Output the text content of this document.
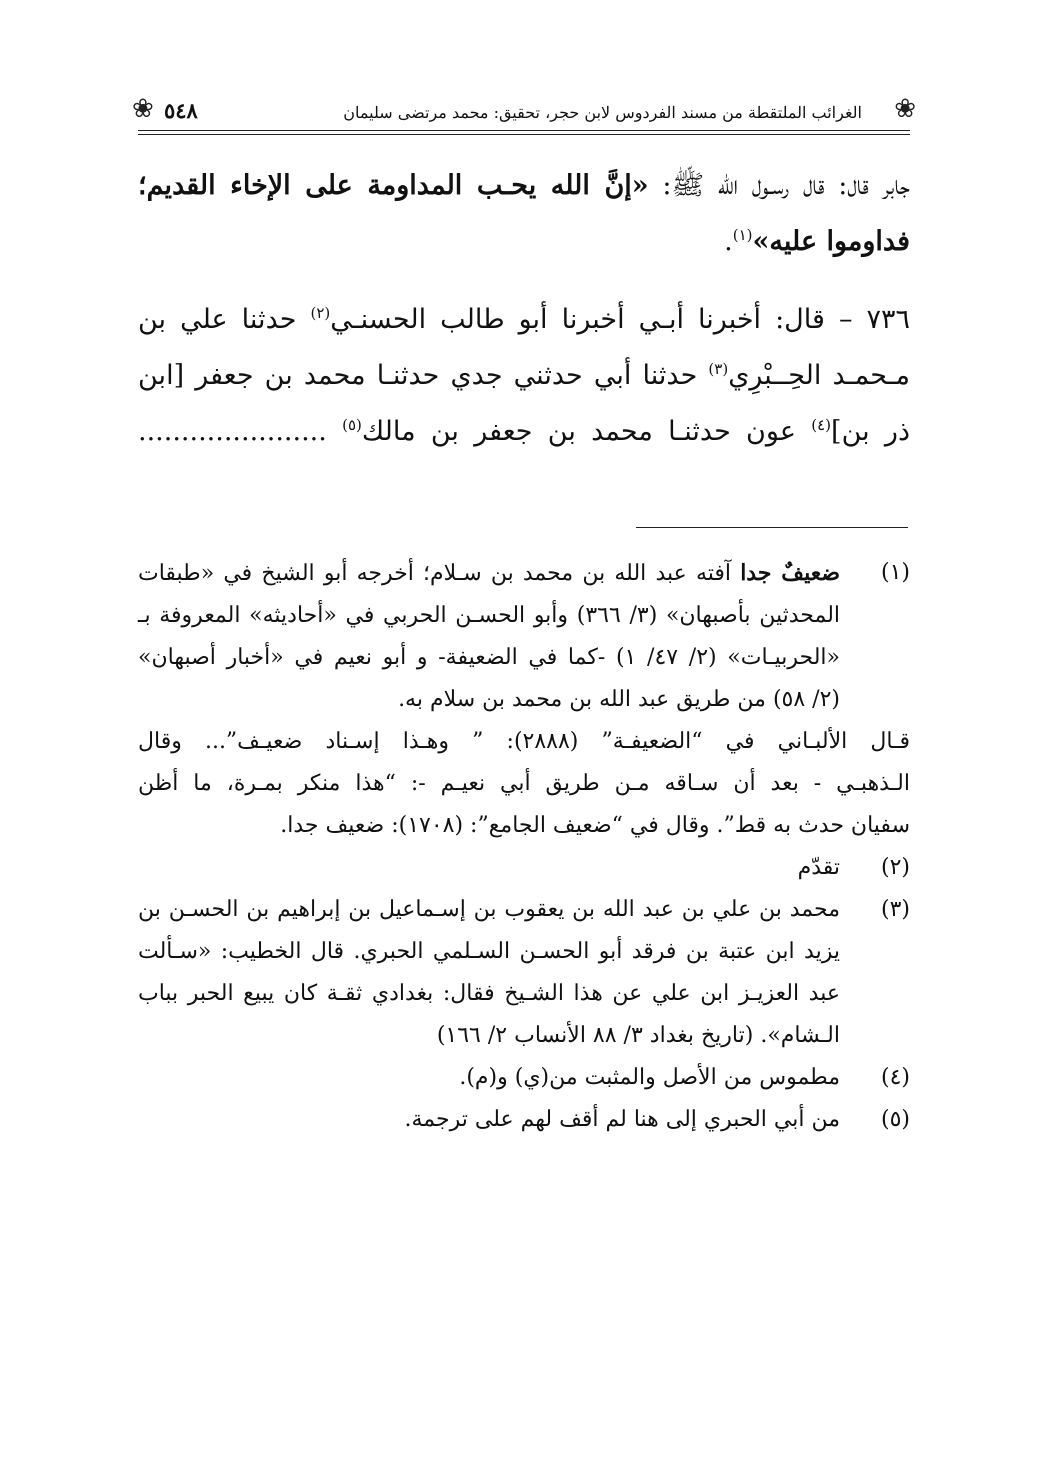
❀
الغرائب الملتقطة من مسند الفردوس لابن حجر، تحقيق: محمد مرتضى سليمان
٥٤٨
❀
جابر قال: قال رسـول الله ﷺ: «إنَّ الله يحـب المداومة على الإخاء القديم؛
فداوموا عليه»$^{(١)}$.
٧٣٦ – قال: أخبرنا أبـي أخبرنا أبو طالب الحسنـي$^{(٢)}$ حدثنا علي بن
مـحمـد الحِــبْرِي$^{(٣)}$ حدثنا أبي حدثني جدي حدثنـا محمد بن جعفر [ابن
ذر بن]$^{(٤)}$ عون حدثنـا محمد بن جعفر بن مالك$^{(٥)}$ ......................
(١)
ضعيفٌ جدا آفته عبد الله بن محمد بن سـلام؛ أخرجه أبو الشيخ في «طبقات
المحدثين بأصبهان» (٣/ ٣٦٦) وأبو الحسـن الحربي في «أحاديثه» المعروفة بـ
«الحربيـات» (٢/ ٤٧/ ١) -كما في الضعيفة- و أبو نعيم في «أخبار أصبهان»
(٢/ ٥٨) من طريق عبد الله بن محمد بن سلام به.
قـال الألبـاني في “الضعيفـة” (٢٨٨٨): ” وهـذا إسـناد ضعيـف”... وقال
الـذهبـي - بعد أن سـاقه مـن طريق أبي نعيـم -: “هذا منكر بمـرة، ما أظن
سفيان حدث به قط”. وقال في “ضعيف الجامع”: (١٧٠٨): ضعيف جدا.
(٢)
تقدّم
(٣)
محمد بن علي بن عبد الله بن يعقوب بن إسـماعيل بن إبراهيم بن الحسـن بن
يزيد ابن عتبة بن فرقد أبو الحسـن السـلمي الحبري. قال الخطيب: «سـألت
عبد العزيـز ابن علي عن هذا الشـيخ فقال: بغدادي ثقـة كان يبيع الحبر بباب
الـشام». (تاريخ بغداد ٣/ ٨٨ الأنساب ٢/ ١٦٦)
(٤)
مطموس من الأصل والمثبت من(ي) و(م).
(٥)
من أبي الحبري إلى هنا لم أقف لهم على ترجمة.
